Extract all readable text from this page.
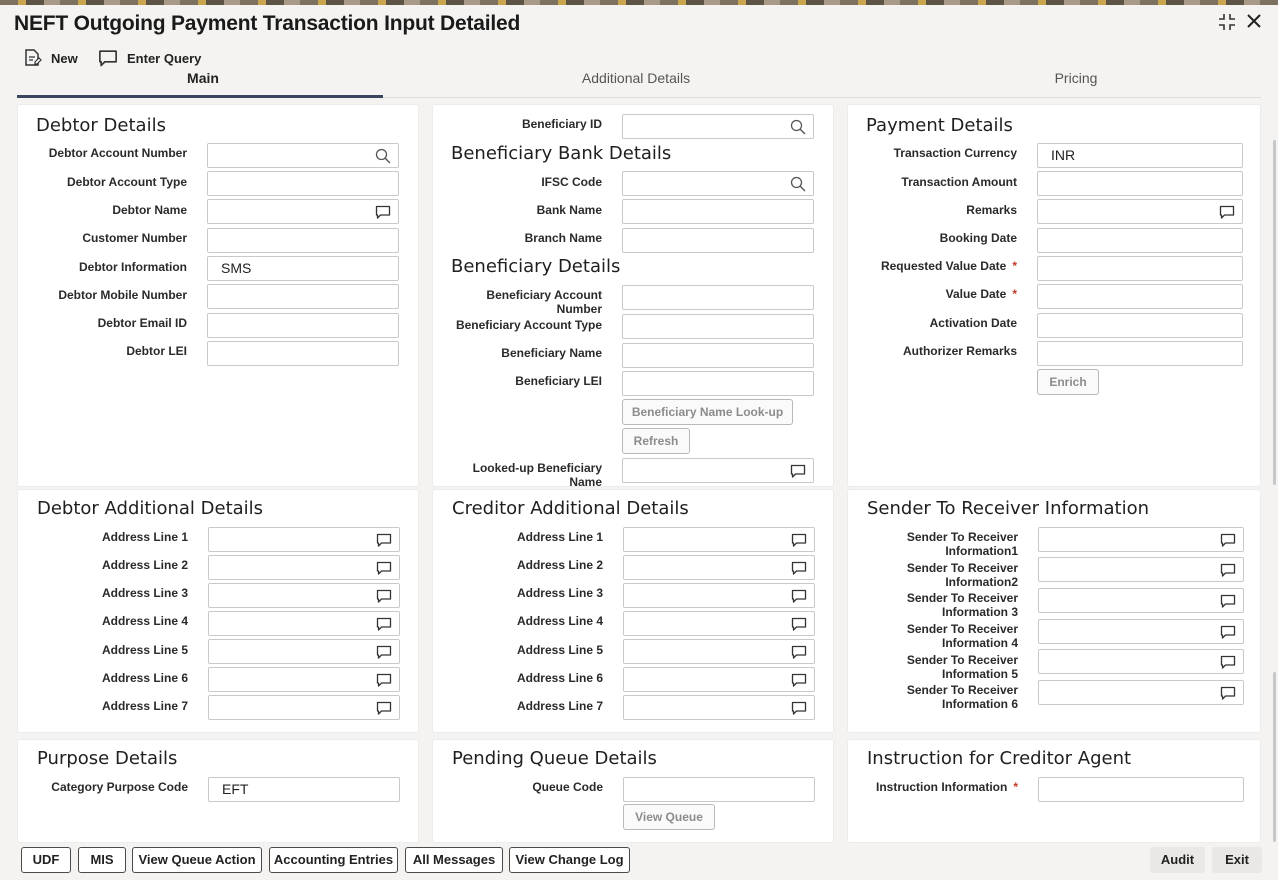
NEFT Outgoing Payment Transaction Input Detailed
New	Enter Query
Main	Additional Details	Pricing
Debtor Details
Debtor Account Number
Debtor Account Type
Debtor Name
Customer Number
Debtor Information	SMS
Debtor Mobile Number
Debtor Email ID
Debtor LEI
Beneficiary ID
Beneficiary Bank Details
IFSC Code
Bank Name
Branch Name
Beneficiary Details
Beneficiary Account Number
Beneficiary Account Type
Beneficiary Name
Beneficiary LEI
Beneficiary Name Look-up
Refresh
Looked-up Beneficiary Name
Payment Details
Transaction Currency	INR
Transaction Amount
Remarks
Booking Date
Requested Value Date *
Value Date *
Activation Date
Authorizer Remarks
Enrich
Debtor Additional Details	Creditor Additional Details	Sender To Receiver Information
Address Line 1
Address Line 2
Address Line 3
Address Line 4
Address Line 5
Address Line 6
Address Line 7
Address Line 1
Address Line 2
Address Line 3
Address Line 4
Address Line 5
Address Line 6
Address Line 7
Sender To Receiver Information1
Sender To Receiver Information2
Sender To Receiver Information 3
Sender To Receiver Information 4
Sender To Receiver Information 5
Sender To Receiver Information 6
Purpose Details
Category Purpose Code	EFT
Pending Queue Details
Queue Code
View Queue
Instruction for Creditor Agent
Instruction Information *
UDF	MIS	View Queue Action	Accounting Entries	All Messages	View Change Log	Audit	Exit
